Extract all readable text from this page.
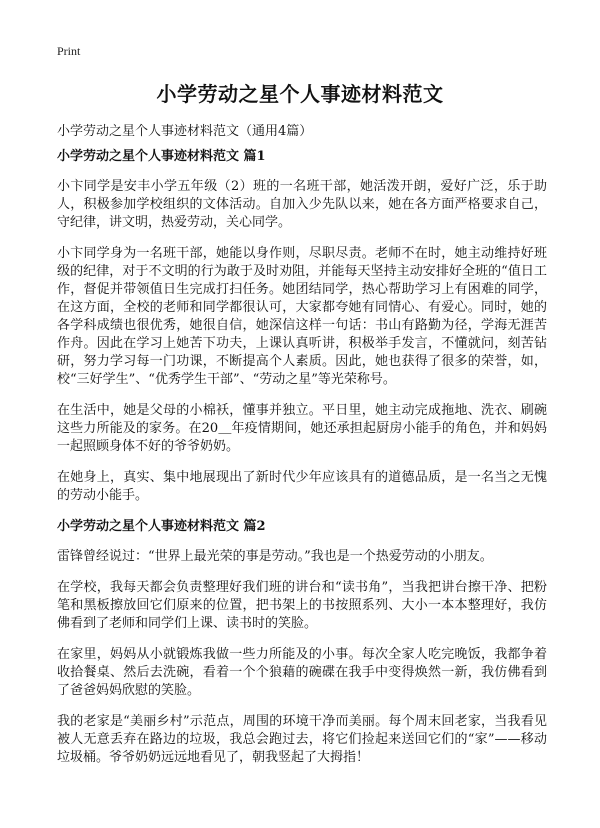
Print
小学劳动之星个人事迹材料范文
小学劳动之星个人事迹材料范文（通用4篇）
小学劳动之星个人事迹材料范文 篇1

小卞同学是安丰小学五年级（2）班的一名班干部，她活泼开朗，爱好广泛，乐于助人，积极参加学校组织的文体活动。自加入少先队以来，她在各方面严格要求自己，守纪律，讲文明，热爱劳动，关心同学。

小卞同学身为一名班干部，她能以身作则，尽职尽责。老师不在时，她主动维持好班级的纪律，对于不文明的行为敢于及时劝阻，并能每天坚持主动安排好全班的“值日工作，督促并带领值日生完成打扫任务。她团结同学，热心帮助学习上有困难的同学，在这方面，全校的老师和同学都很认可，大家都夸她有同情心、有爱心。同时，她的各学科成绩也很优秀，她很自信，她深信这样一句话：书山有路勤为径，学海无涯苦作舟。因此在学习上她苦下功夫，上课认真听讲，积极举手发言，不懂就问，刻苦钻研，努力学习每一门功课，不断提高个人素质。因此，她也获得了很多的荣誉，如，校“三好学生”、“优秀学生干部”、“劳动之星”等光荣称号。

在生活中，她是父母的小棉袄，懂事并独立。平日里，她主动完成拖地、洗衣、刷碗这些力所能及的家务。在20＿年疫情期间，她还承担起厨房小能手的角色，并和妈妈一起照顾身体不好的爷爷奶奶。

在她身上，真实、集中地展现出了新时代少年应该具有的道德品质，是一名当之无愧的劳动小能手。

小学劳动之星个人事迹材料范文 篇2

雷锋曾经说过：“世界上最光荣的事是劳动。”我也是一个热爱劳动的小朋友。

在学校，我每天都会负责整理好我们班的讲台和“读书角”，当我把讲台擦干净、把粉笔和黑板擦放回它们原来的位置，把书架上的书按照系列、大小一本本整理好，我仿佛看到了老师和同学们上课、读书时的笑脸。

在家里，妈妈从小就锻炼我做一些力所能及的小事。每次全家人吃完晚饭，我都争着收拾餐桌、然后去洗碗，看着一个个狼藉的碗碟在我手中变得焕然一新，我仿佛看到了爸爸妈妈欣慰的笑脸。

我的老家是“美丽乡村”示范点，周围的环境干净而美丽。每个周末回老家，当我看见被人无意丢弃在路边的垃圾，我总会跑过去，将它们捡起来送回它们的“家”——移动垃圾桶。爷爷奶奶远远地看见了，朝我竖起了大拇指！
